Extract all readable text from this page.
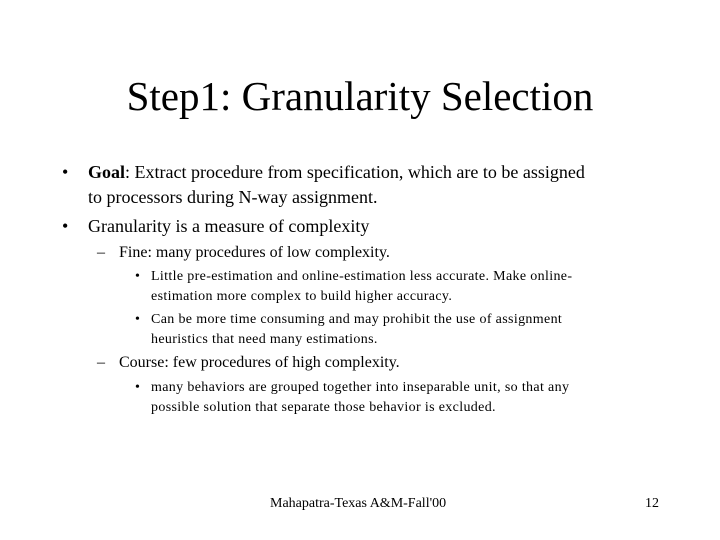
Step1: Granularity Selection
• Goal: Extract procedure from specification, which are to be assigned
to processors during N-way assignment.
• Granularity is a measure of complexity
– Fine: many procedures of low complexity.
• Little pre-estimation and online-estimation less accurate. Make online-
estimation more complex to build higher accuracy.
• Can be more time consuming and may prohibit the use of assignment
heuristics that need many estimations.
– Course: few procedures of high complexity.
• many behaviors are grouped together into inseparable unit, so that any
possible solution that separate those behavior is excluded.
Mahapatra-Texas A&M-Fall'00	12
